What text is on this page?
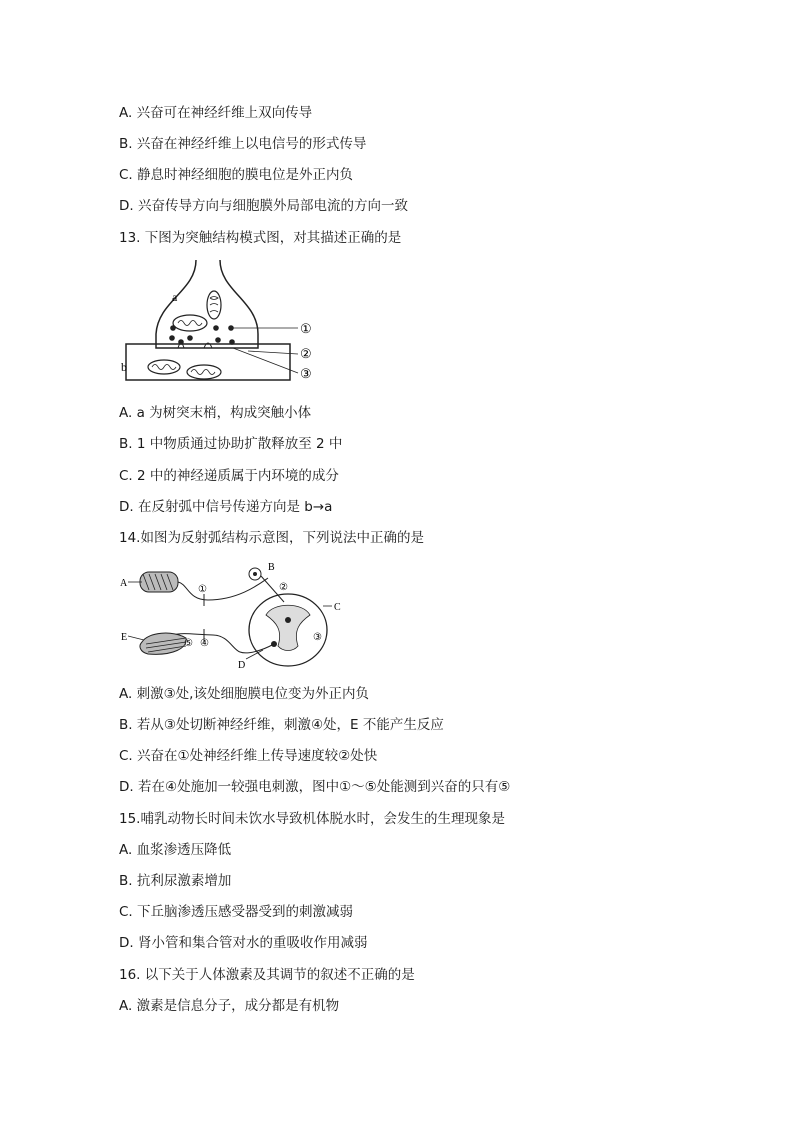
A. 兴奋可在神经纤维上双向传导
B. 兴奋在神经纤维上以电信号的形式传导
C. 静息时神经细胞的膜电位是外正内负
D. 兴奋传导方向与细胞膜外局部电流的方向一致
13. 下图为突触结构模式图，对其描述正确的是
a
b
①
②
③
A. a 为树突末梢，构成突触小体
B. 1 中物质通过协助扩散释放至 2 中
C. 2 中的神经递质属于内环境的成分
D. 在反射弧中信号传递方向是 b→a
14.如图为反射弧结构示意图，下列说法中正确的是
A
B
C
D
E
①	②
③
④
⑤
A. 刺激③处,该处细胞膜电位变为外正内负
B. 若从③处切断神经纤维，刺激④处，E 不能产生反应
C. 兴奋在①处神经纤维上传导速度较②处快
D. 若在④处施加一较强电刺激，图中①～⑤处能测到兴奋的只有⑤
15.哺乳动物长时间未饮水导致机体脱水时，会发生的生理现象是
A. 血浆渗透压降低
B. 抗利尿激素增加
C. 下丘脑渗透压感受器受到的刺激减弱
D. 肾小管和集合管对水的重吸收作用减弱
16. 以下关于人体激素及其调节的叙述不正确的是
A. 激素是信息分子，成分都是有机物
